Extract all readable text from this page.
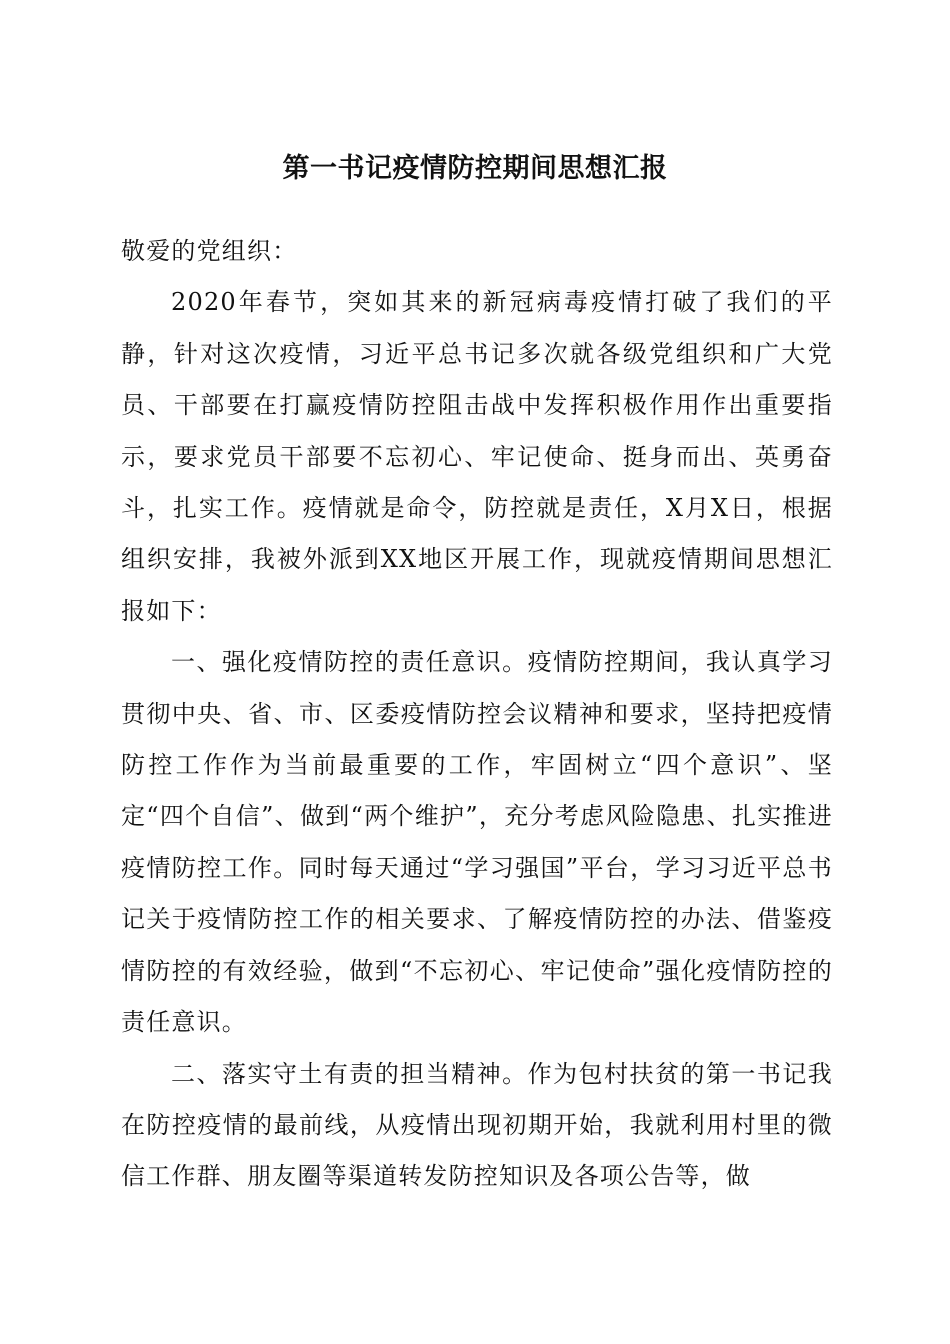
第一书记疫情防控期间思想汇报

敬爱的党组织：

2020年春节，突如其来的新冠病毒疫情打破了我们的平静，针对这次疫情，习近平总书记多次就各级党组织和广大党员、干部要在打赢疫情防控阻击战中发挥积极作用作出重要指示，要求党员干部要不忘初心、牢记使命、挺身而出、英勇奋斗，扎实工作。疫情就是命令，防控就是责任，X月X日，根据组织安排，我被外派到XX地区开展工作，现就疫情期间思想汇报如下：

一、强化疫情防控的责任意识。疫情防控期间，我认真学习贯彻中央、省、市、区委疫情防控会议精神和要求，坚持把疫情防控工作作为当前最重要的工作，牢固树立“四个意识”、坚定“四个自信”、做到“两个维护”，充分考虑风险隐患、扎实推进疫情防控工作。同时每天通过“学习强国”平台，学习习近平总书记关于疫情防控工作的相关要求、了解疫情防控的办法、借鉴疫情防控的有效经验，做到“不忘初心、牢记使命”强化疫情防控的责任意识。

二、落实守土有责的担当精神。作为包村扶贫的第一书记我在防控疫情的最前线，从疫情出现初期开始，我就利用村里的微信工作群、朋友圈等渠道转发防控知识及各项公告等，做
